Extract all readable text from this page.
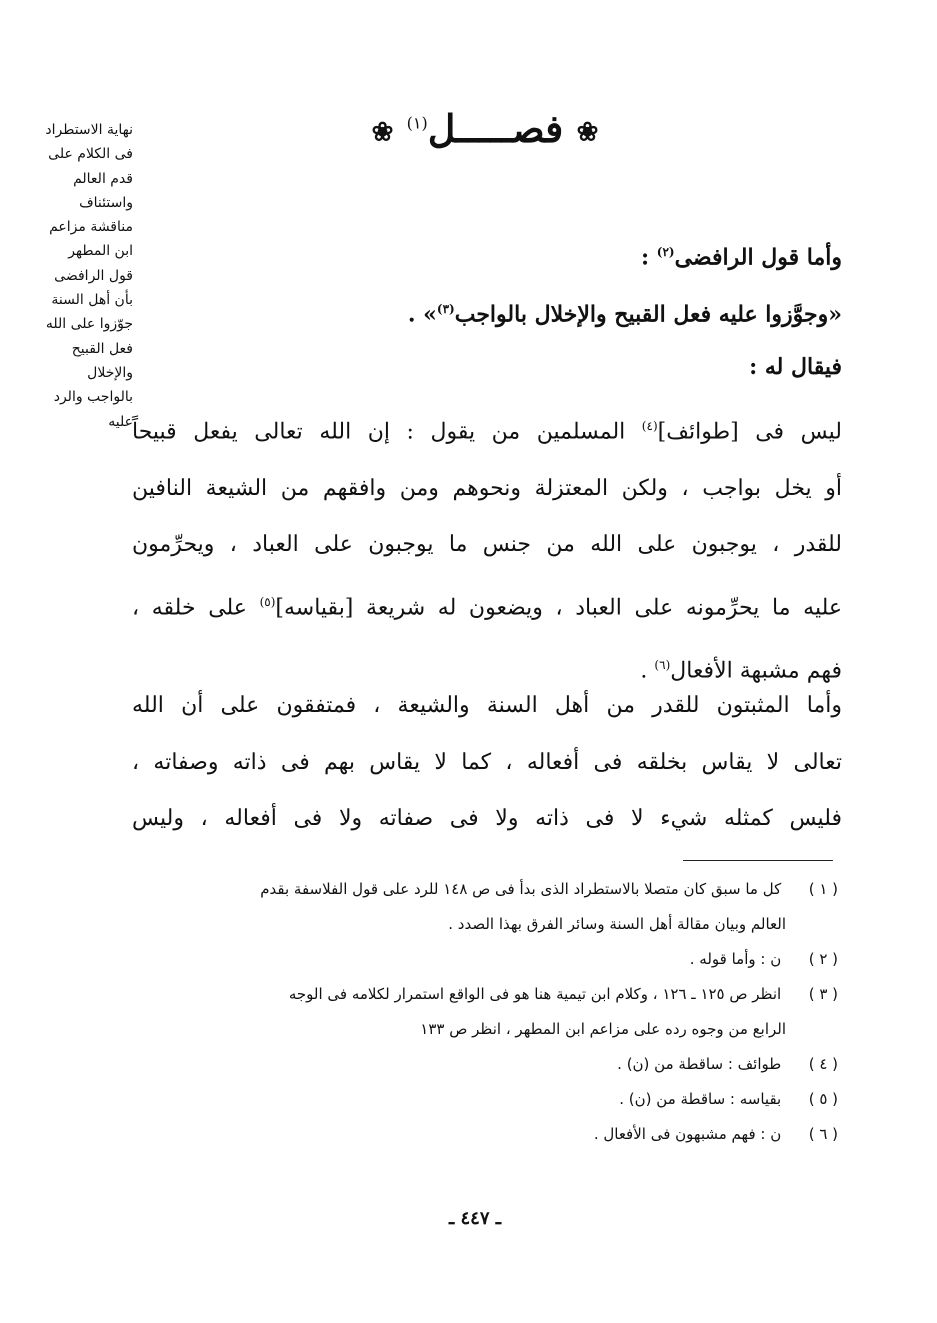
نهاية الاستطراد
فى الكلام على
قدم العالم
واستئناف
مناقشة مزاعم
ابن المطهر
قول الرافضى
بأن أهل السنة
جوّزوا على الله
فعل القبيح
والإخلال
بالواجب والرد
عليه
❀ فصـــــل$^{(١)}$ ❀
وأما قول الرافضى$^{(٢)}$ :
«وجوَّزوا عليه فعل القبيح والإخلال بالواجب$^{(٣)}$» .
فيقال له :
ليس فى [طوائف]$^{(٤)}$ المسلمين من يقول : إن الله تعالى يفعل قبيحاً
أو يخل بواجب ، ولكن المعتزلة ونحوهم ومن وافقهم من الشيعة النافين
للقدر ، يوجبون على الله من جنس ما يوجبون على العباد ، ويحرِّمون
عليه ما يحرِّمونه على العباد ، ويضعون له شريعة [بقياسه]$^{(٥)}$ على خلقه ،
فهم مشبهة الأفعال$^{(٦)}$ .
وأما المثبتون للقدر من أهل السنة والشيعة ، فمتفقون على أن الله
تعالى لا يقاس بخلقه فى أفعاله ، كما لا يقاس بهم فى ذاته وصفاته ،
فليس كمثله شيء لا فى ذاته ولا فى صفاته ولا فى أفعاله ، وليس
( ١ ) كل ما سبق كان متصلا بالاستطراد الذى بدأ فى ص ١٤٨ للرد على قول الفلاسفة بقدم
العالم وبيان مقالة أهل السنة وسائر الفرق بهذا الصدد .
( ٢ ) ن : وأما قوله .
( ٣ ) انظر ص ١٢٥ ـ ١٢٦ ، وكلام ابن تيمية هنا هو فى الواقع استمرار لكلامه فى الوجه
الرابع من وجوه رده على مزاعم ابن المطهر ، انظر ص ١٣٣
( ٤ ) طوائف : ساقطة من (ن) .
( ٥ ) بقياسه : ساقطة من (ن) .
( ٦ ) ن : فهم مشبهون فى الأفعال .
ـ ٤٤٧ ـ
